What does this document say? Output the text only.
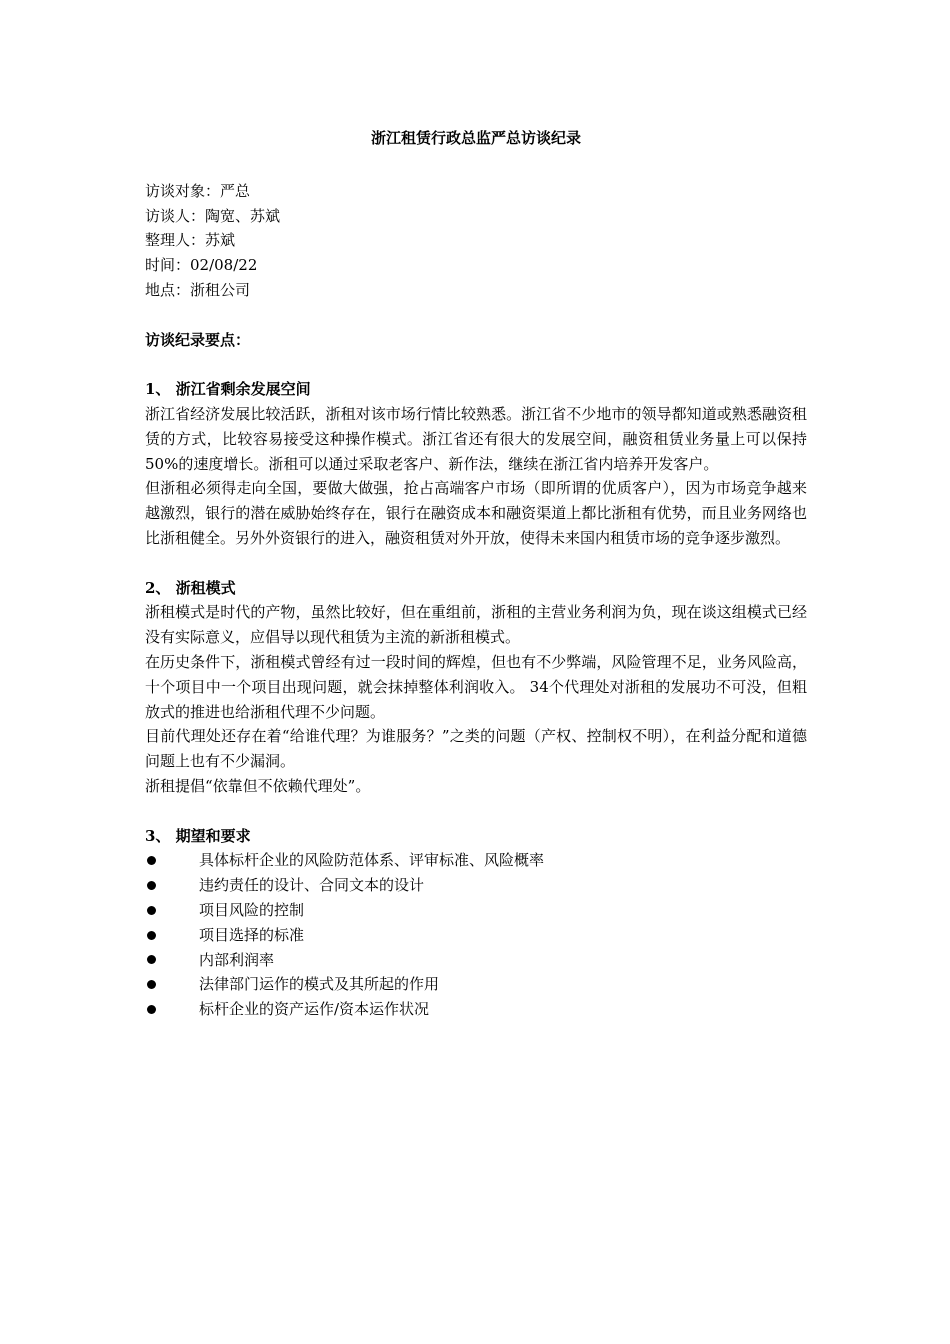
浙江租赁行政总监严总访谈纪录

访谈对象：严总

访谈人：陶宽、苏斌

整理人：苏斌

时间：02/08/22

地点：浙租公司

访谈纪录要点：

1、 浙江省剩余发展空间

浙江省经济发展比较活跃，浙租对该市场行情比较熟悉。浙江省不少地市的领导都知道或熟悉融资租赁的方式，比较容易接受这种操作模式。浙江省还有很大的发展空间，融资租赁业务量上可以保持50%的速度增长。浙租可以通过采取老客户、新作法，继续在浙江省内培养开发客户。

但浙租必须得走向全国，要做大做强，抢占高端客户市场（即所谓的优质客户），因为市场竞争越来越激烈，银行的潜在威胁始终存在，银行在融资成本和融资渠道上都比浙租有优势，而且业务网络也比浙租健全。另外外资银行的进入，融资租赁对外开放，使得未来国内租赁市场的竞争逐步激烈。

2、 浙租模式

浙租模式是时代的产物，虽然比较好，但在重组前，浙租的主营业务利润为负，现在谈这组模式已经没有实际意义，应倡导以现代租赁为主流的新浙租模式。

在历史条件下，浙租模式曾经有过一段时间的辉煌，但也有不少弊端，风险管理不足，业务风险高，十个项目中一个项目出现问题，就会抹掉整体利润收入。 34个代理处对浙租的发展功不可没，但粗放式的推进也给浙租代理不少问题。

目前代理处还存在着“给谁代理？为谁服务？”之类的问题（产权、控制权不明），在利益分配和道德问题上也有不少漏洞。

浙租提倡“依靠但不依赖代理处”。

3、 期望和要求

具体标杆企业的风险防范体系、评审标准、风险概率
违约责任的设计、合同文本的设计
项目风险的控制
项目选择的标准
内部利润率
法律部门运作的模式及其所起的作用
标杆企业的资产运作/资本运作状况
